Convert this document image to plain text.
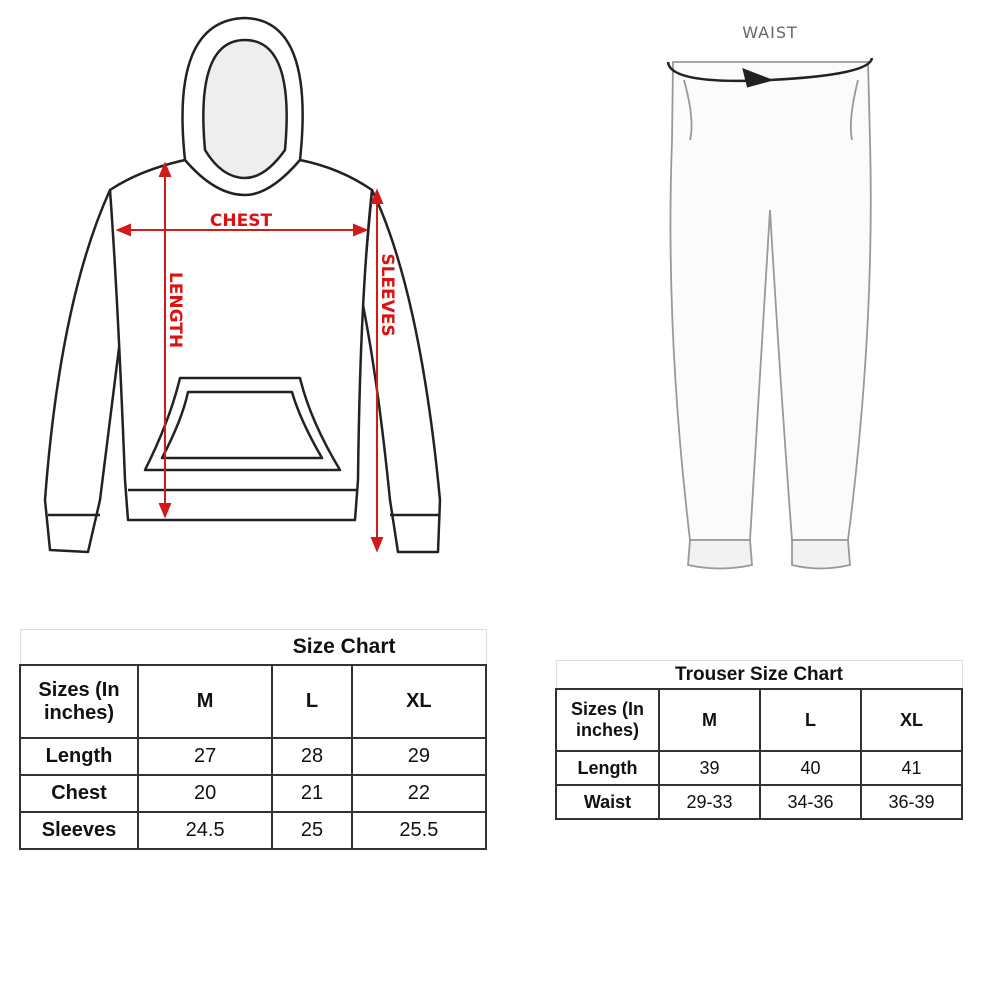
CHEST
LENGTH	SLEEVES
WAIST
Size Chart			
Sizes (In inches)	M	L	XL
Length	27	28	29
Chest	20	21	22
Sleeves	24.5	25	25.5
Trouser Size Chart			
Sizes (In inches)	M	L	XL
Length	39	40	41
Waist	29-33	34-36	36-39
